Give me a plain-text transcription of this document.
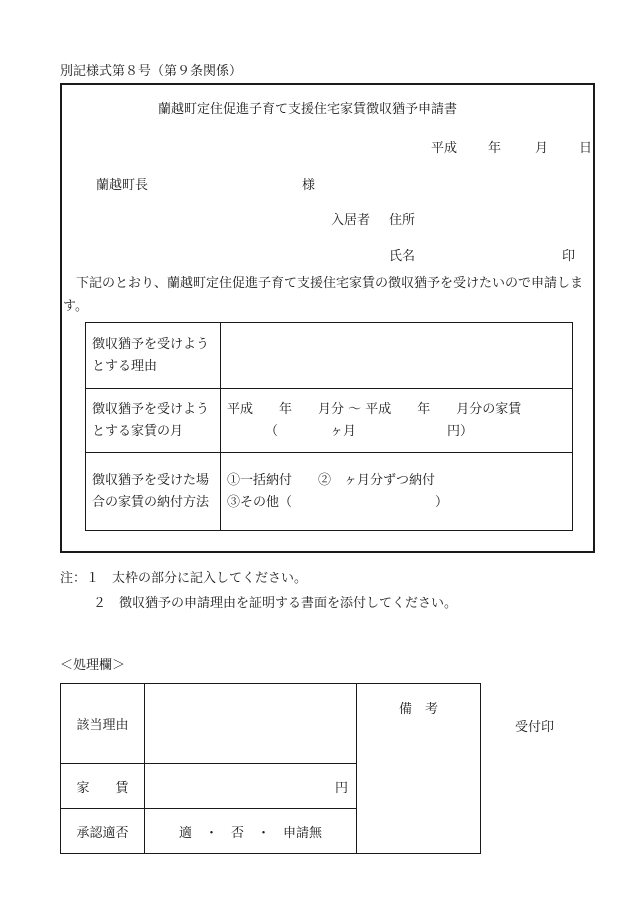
別記様式第８号（第９条関係）
蘭越町定住促進子育て支援住宅家賃徴収猶予申請書
平成 年	月 日
蘭越町長	様
入居者 住所
氏名	印
　下記のとおり、蘭越町定住促進子育て支援住宅家賃の徴収猶予を受けたいので申請します。
徴収猶予を受けようとする理由	

徴収猶予を受けようとする家賃の月	平成　　年　　月分 ～ 平成　　年　　月分の家賃
（　　　　ヶ月　　　　　　　円）

徴収猶予を受けた場合の家賃の納付方法	①一括納付　　②　ヶ月分ずつ納付
③その他（　　　　　　　　　　　）
注：１　 太枠の部分に記入してください。
２　 徴収猶予の申請理由を証明する書面を添付してください。
＜処理欄＞
該当理由		備　考
家　　賃	円	
承認適否	適　・　否　・　申請無	
受付印
